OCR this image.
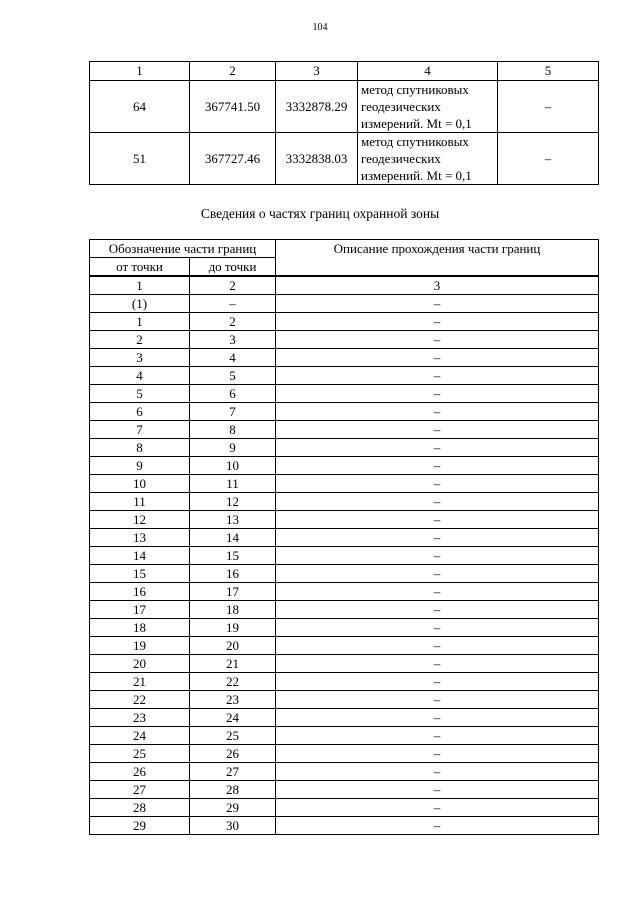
104
1	2	3	4	5
64	367741.50	3332878.29	метод спутниковых
геодезических
измерений. Mt = 0,1	–
51	367727.46	3332838.03	метод спутниковых
геодезических
измерений. Mt = 0,1	–
Сведения о частях границ охранной зоны
Обозначение части границ		Описание прохождения части границ
от точки	до точки	
1	2	3
(1)	–	–
1	2	–
2	3	–
3	4	–
4	5	–
5	6	–
6	7	–
7	8	–
8	9	–
9	10	–
10	11	–
11	12	–
12	13	–
13	14	–
14	15	–
15	16	–
16	17	–
17	18	–
18	19	–
19	20	–
20	21	–
21	22	–
22	23	–
23	24	–
24	25	–
25	26	–
26	27	–
27	28	–
28	29	–
29	30	–
